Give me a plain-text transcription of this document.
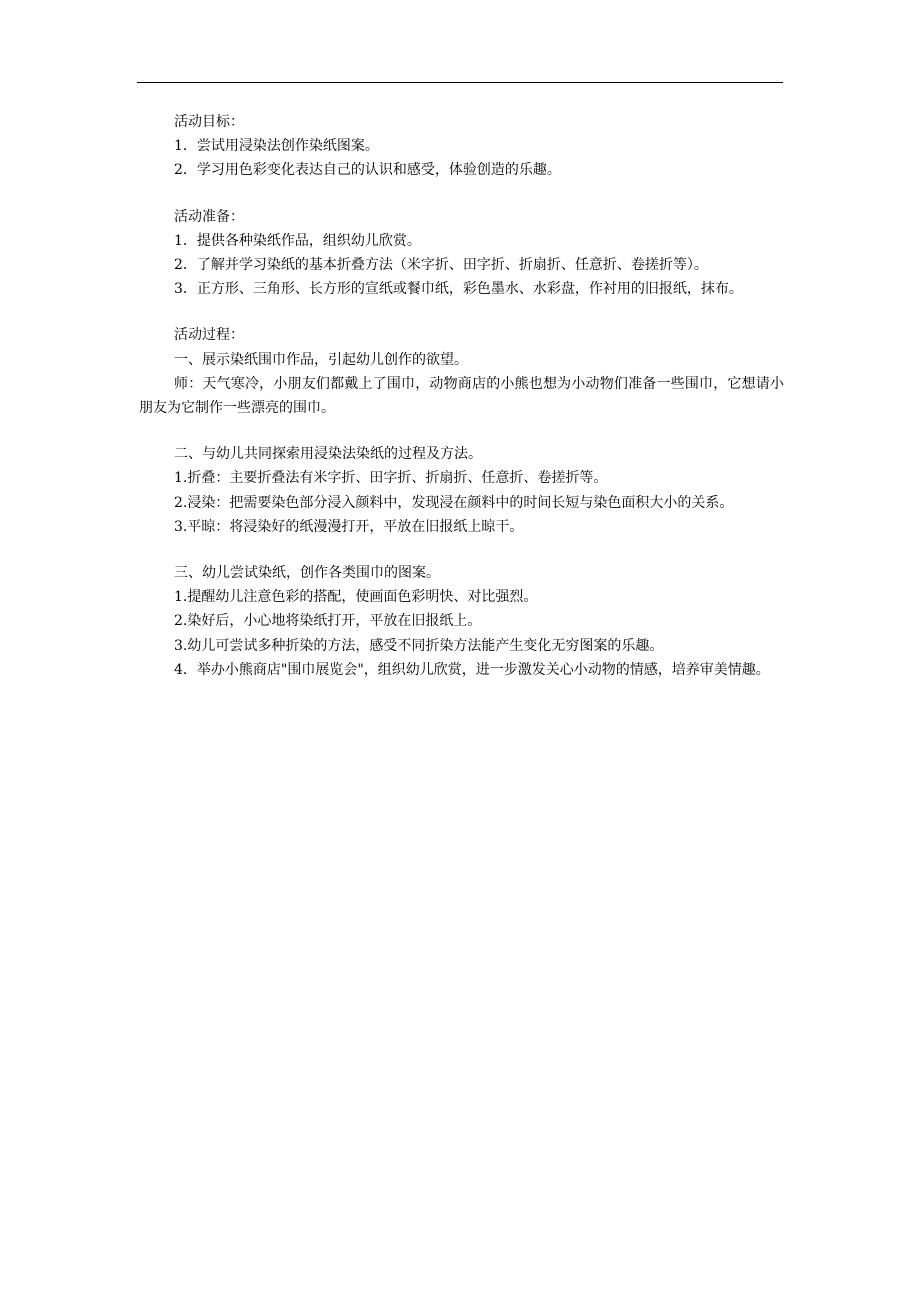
活动目标：

1．尝试用浸染法创作染纸图案。

2．学习用色彩变化表达自己的认识和感受，体验创造的乐趣。

活动准备：

1．提供各种染纸作品，组织幼儿欣赏。

2．了解并学习染纸的基本折叠方法（米字折、田字折、折扇折、任意折、卷搓折等）。

3．正方形、三角形、长方形的宣纸或餐巾纸，彩色墨水、水彩盘，作衬用的旧报纸，抹布。

活动过程：

一、展示染纸围巾作品，引起幼儿创作的欲望。

师：天气寒冷，小朋友们都戴上了围巾，动物商店的小熊也想为小动物们准备一些围巾，它想请小朋友为它制作一些漂亮的围巾。

二、与幼儿共同探索用浸染法染纸的过程及方法。

1.折叠：主要折叠法有米字折、田字折、折扇折、任意折、卷搓折等。

2.浸染：把需要染色部分浸入颜料中，发现浸在颜料中的时间长短与染色面积大小的关系。

3.平晾：将浸染好的纸漫漫打开，平放在旧报纸上晾干。

三、幼儿尝试染纸，创作各类围巾的图案。

1.提醒幼儿注意色彩的搭配，使画面色彩明快、对比强烈。

2.染好后，小心地将染纸打开，平放在旧报纸上。

3.幼儿可尝试多种折染的方法，感受不同折染方法能产生变化无穷图案的乐趣。

4．举办小熊商店"围巾展览会"，组织幼儿欣赏，进一步激发关心小动物的情感，培养审美情趣。
